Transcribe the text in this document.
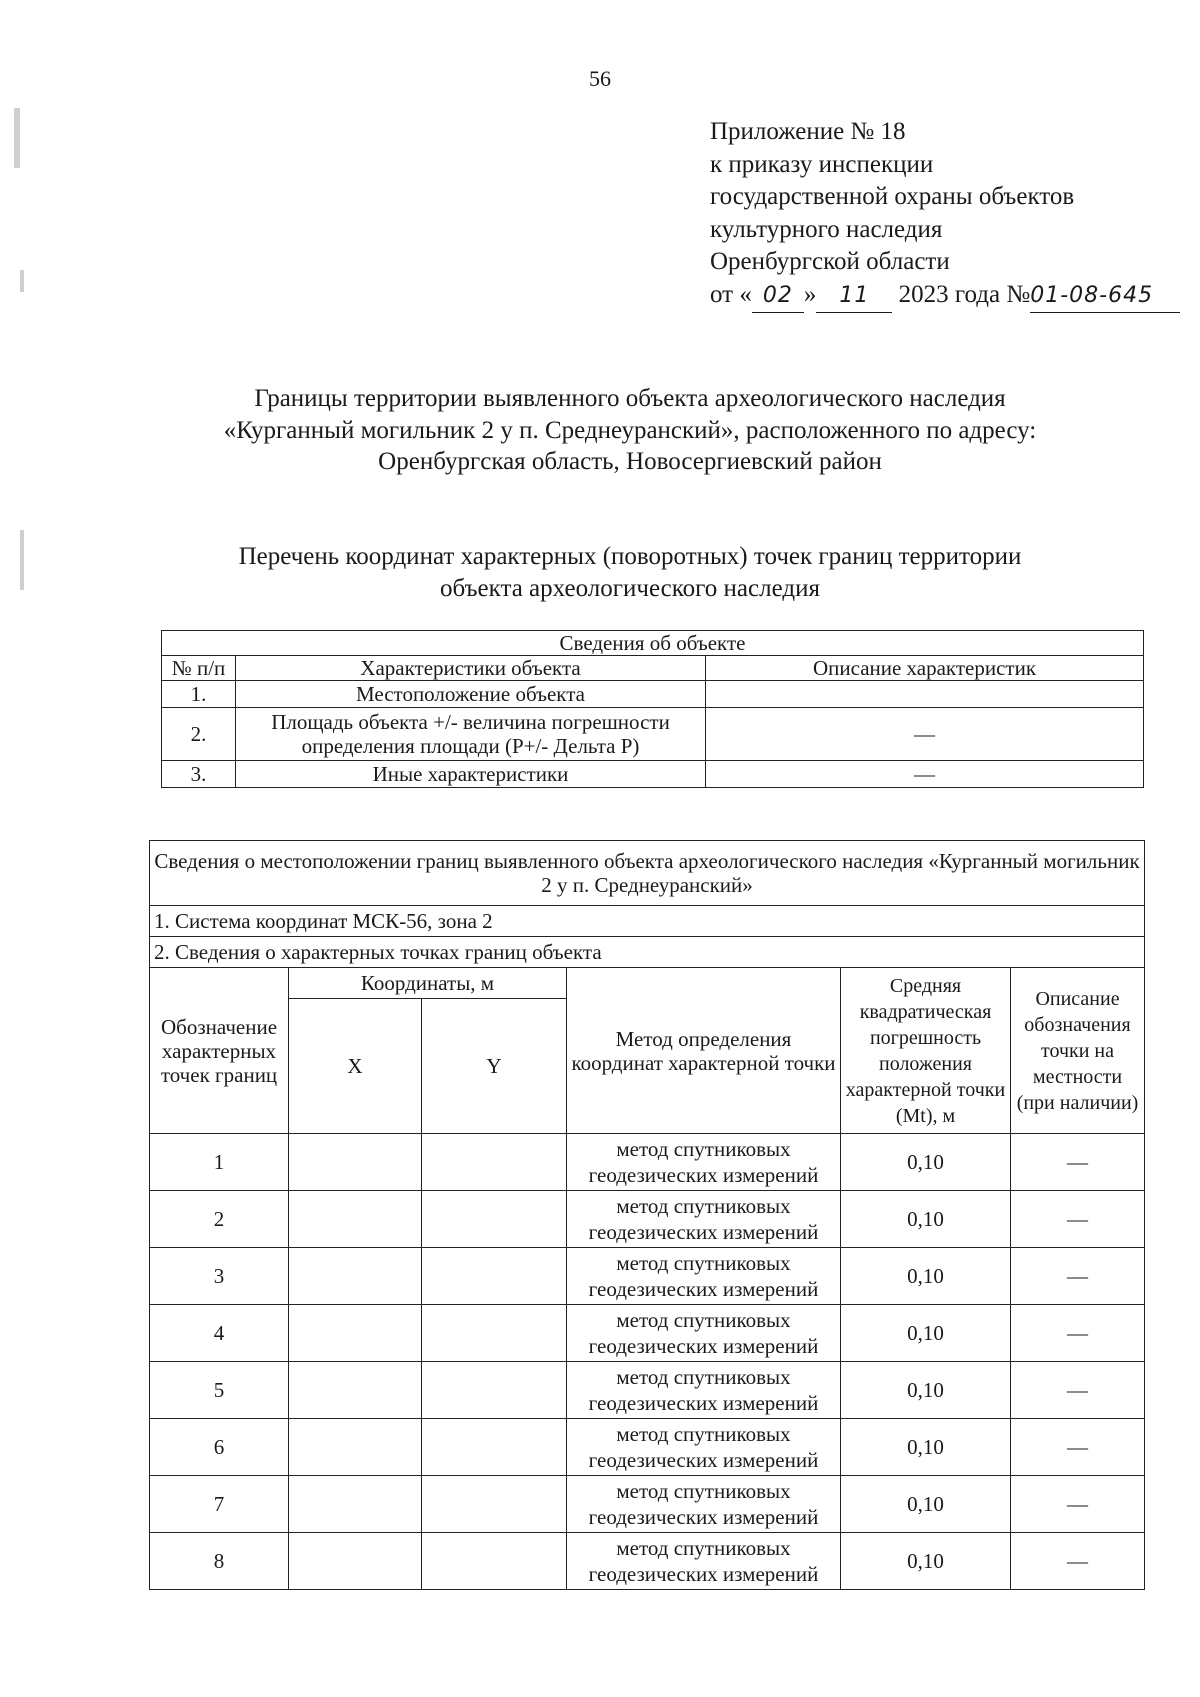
56
Приложение № 18
к приказу инспекции
государственной охраны объектов
культурного наследия
Оренбургской области
от « 02 » 11 2023 года №01-08-645
Границы территории выявленного объекта археологического наследия
«Курганный могильник 2 у п. Среднеуранский», расположенного по адресу:
Оренбургская область, Новосергиевский район
Перечень координат характерных (поворотных) точек границ территории
объекта археологического наследия
Сведения об объекте		
№ п/п	Характеристики объекта	Описание характеристик
1.	Местоположение объекта	
2.	Площадь объекта +/- величина погрешности определения площади (Р+/- Дельта Р)	—
3.	Иные характеристики	—
Сведения о местоположении границ выявленного объекта археологического наследия «Курганный могильник 2 у п. Среднеуранский»					
1. Система координат МСК-56, зона 2					
2. Сведения о характерных точках границ объекта					
Обозначение характерных точек границ	Координаты, м		Метод определения координат характерной точки	Средняя квадратическая погрешность положения характерной точки (Mt), м	Описание обозначения точки на местности (при наличии)
	X	Y			
1			метод спутниковых геодезических измерений	0,10	—
2			метод спутниковых геодезических измерений	0,10	—
3			метод спутниковых геодезических измерений	0,10	—
4			метод спутниковых геодезических измерений	0,10	—
5			метод спутниковых геодезических измерений	0,10	—
6			метод спутниковых геодезических измерений	0,10	—
7			метод спутниковых геодезических измерений	0,10	—
8			метод спутниковых геодезических измерений	0,10	—
